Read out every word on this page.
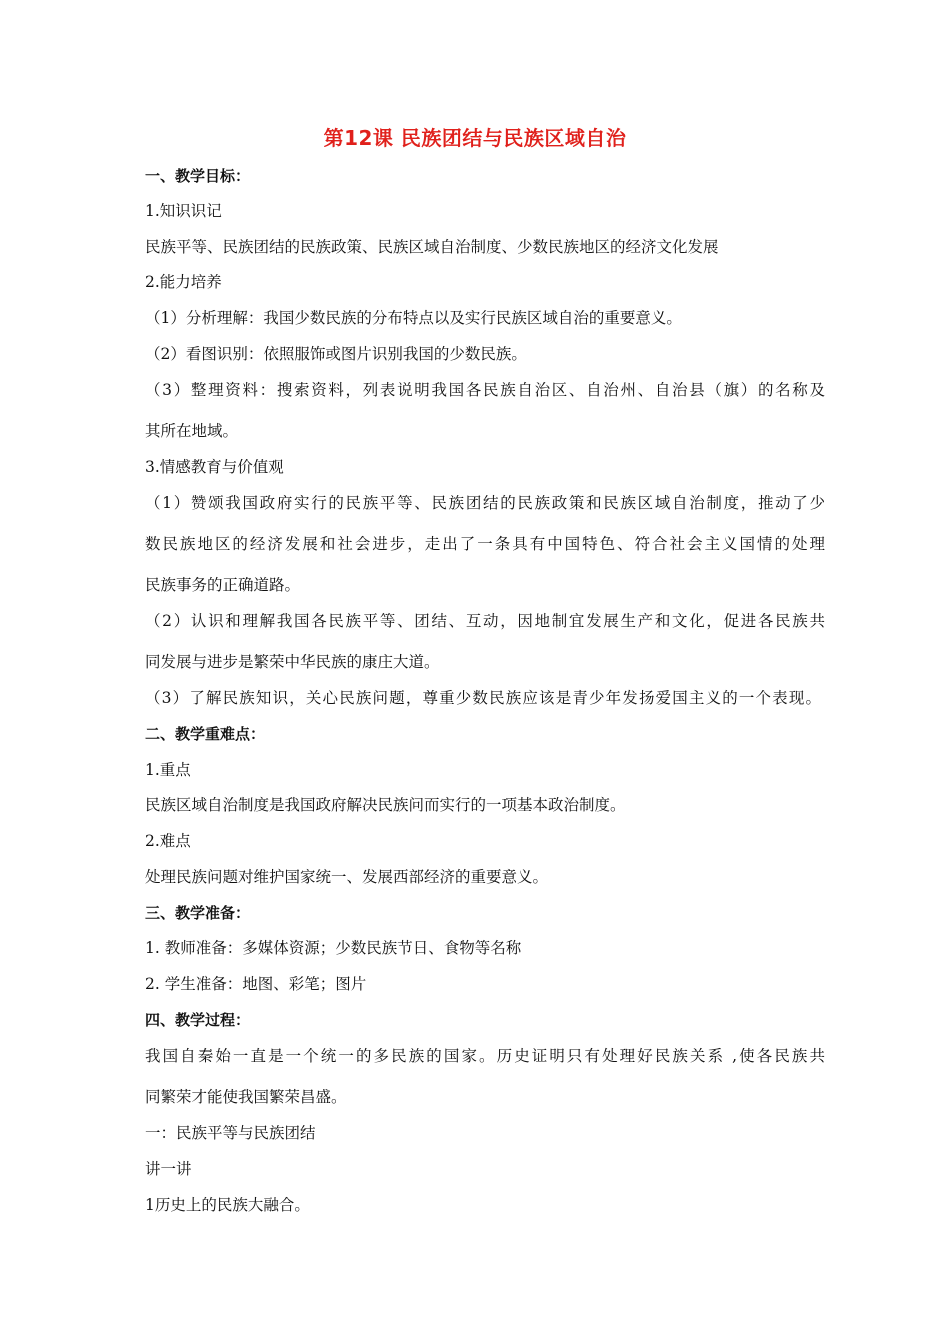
第12课 民族团结与民族区域自治
一、教学目标：
1.知识识记
民族平等、民族团结的民族政策、民族区域自治制度、少数民族地区的经济文化发展
2.能力培养
（1）分析理解：我国少数民族的分布特点以及实行民族区域自治的重要意义。
（2）看图识别：依照服饰或图片识别我国的少数民族。
（3）整理资料：搜索资料，列表说明我国各民族自治区、自治州、自治县（旗）的名称及
其所在地域。
3.情感教育与价值观
（1）赞颂我国政府实行的民族平等、民族团结的民族政策和民族区域自治制度，推动了少
数民族地区的经济发展和社会进步，走出了一条具有中国特色、符合社会主义国情的处理
民族事务的正确道路。
（2）认识和理解我国各民族平等、团结、互动，因地制宜发展生产和文化，促进各民族共
同发展与进步是繁荣中华民族的康庄大道。
（3）了解民族知识，关心民族问题，尊重少数民族应该是青少年发扬爱国主义的一个表现。
二、教学重难点：
1.重点
民族区域自治制度是我国政府解决民族问而实行的一项基本政治制度。
2.难点
处理民族问题对维护国家统一、发展西部经济的重要意义。
三、教学准备：
1. 教师准备：多媒体资源；少数民族节日、食物等名称
2. 学生准备：地图、彩笔；图片
四、教学过程：
我国自秦始一直是一个统一的多民族的国家。历史证明只有处理好民族关系 ,使各民族共
同繁荣才能使我国繁荣昌盛。
一：民族平等与民族团结
讲一讲
1历史上的民族大融合。
